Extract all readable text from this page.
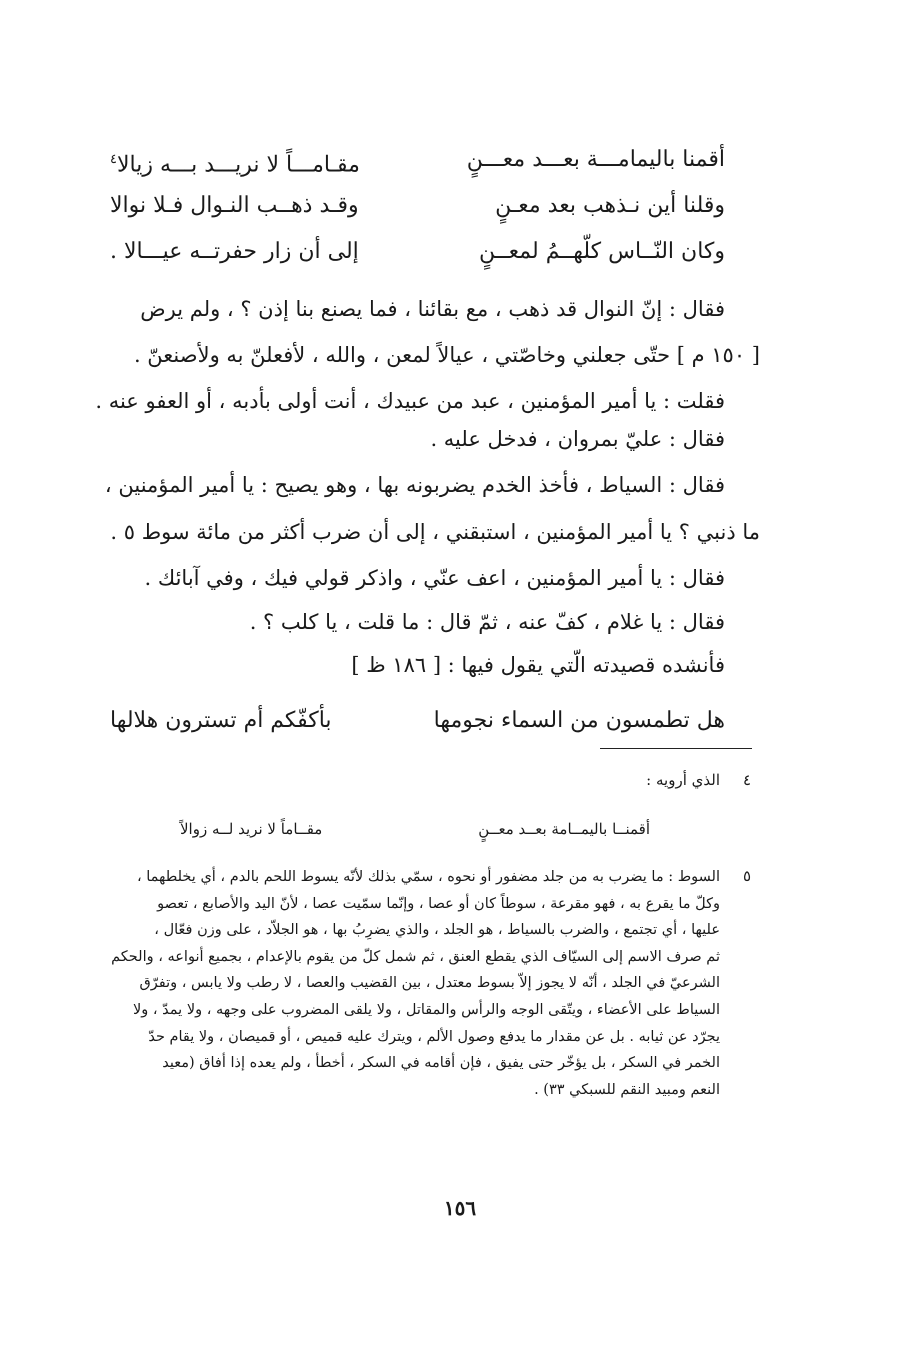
أقمنا باليمامـــة بعـــد معـــنٍ
مقـامـــاً لا نريـــد بـــه زيالا$^٤$
وقلنا أين نـذهب بعد معـنٍ
وقـد ذهــب النـوال فـلا نوالا
وكان النّــاس كلّهــمُ لمعــنٍ
إلى أن زار حفرتــه عيـــالا .
فقال : إنّ النوال قد ذهب ، مع بقائنا ، فما يصنع بنا إذن ؟ ، ولم يرض
[ ١٥٠ م ] حتّى جعلني وخاصّتي ، عيالاً لمعن ، والله ، لأفعلنّ به ولأصنعنّ .
فقلت : يا أمير المؤمنين ، عبد من عبيدك ، أنت أولى بأدبه ، أو العفو عنه .
فقال : عليّ بمروان ، فدخل عليه .
فقال : السياط ، فأخذ الخدم يضربونه بها ، وهو يصيح : يا أمير المؤمنين ،
ما ذنبي ؟ يا أمير المؤمنين ، استبقني ، إلى أن ضرب أكثر من مائة سوط ٥ .
فقال : يا أمير المؤمنين ، اعف عنّي ، واذكر قولي فيك ، وفي آبائك .
فقال : يا غلام ، كفّ عنه ، ثمّ قال : ما قلت ، يا كلب ؟ .
فأنشده قصيدته الّتي يقول فيها : [ ١٨٦ ظ ]
هل تطمسون من السماء نجومها
بأكفّكم أم تسترون هلالها
٤
الذي أرويه :
أقمنــا باليمــامة بعــد معــنٍ
مقــاماً لا نريد لــه زوالاً
٥
السوط : ما يضرب به من جلد مضفور أو نحوه ، سمّي بذلك لأنّه يسوط اللحم بالدم ، أي يخلطهما ،
وكلّ ما يقرع به ، فهو مقرعة ، سوطاً كان أو عصا ، وإنّما سمّيت عصا ، لأنّ اليد والأصابع ، تعصو
عليها ، أي تجتمع ، والضرب بالسياط ، هو الجلد ، والذي يضرِبُ بها ، هو الجلاّد ، على وزن فعّال ،
ثم صرف الاسم إلى السيّاف الذي يقطع العنق ، ثم شمل كلّ من يقوم بالإعدام ، بجميع أنواعه ، والحكم
الشرعيّ في الجلد ، أنّه لا يجوز إلاّ بسوط معتدل ، بين القضيب والعصا ، لا رطب ولا يابس ، وتفرّق
السياط على الأعضاء ، ويتّقى الوجه والرأس والمقاتل ، ولا يلقى المضروب على وجهه ، ولا يمدّ ، ولا
يجرّد عن ثيابه . بل عن مقدار ما يدفع وصول الألم ، ويترك عليه قميص ، أو قميصان ، ولا يقام حدّ
الخمر في السكر ، بل يؤخّر حتى يفيق ، فإن أقامه في السكر ، أخطأ ، ولم يعده إذا أفاق (معيد
النعم ومبيد النقم للسبكي ٣٣) .
١٥٦
